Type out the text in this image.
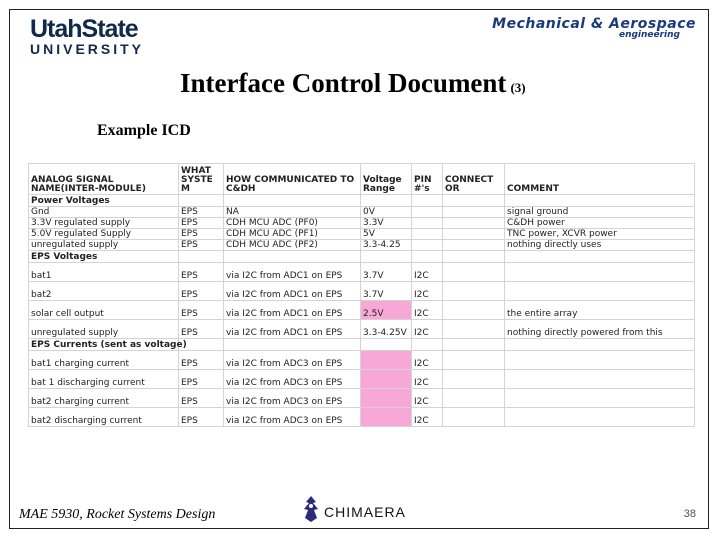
UtahState
UNIVERSITY
Mechanical & Aerospace
engineering
Interface Control Document (3)
Example ICD
ANALOG SIGNAL NAME(INTER-MODULE)	WHAT SYSTE M	HOW COMMUNICATED TO C&DH	Voltage Range	PIN #'s	CONNECT OR	COMMENT
Power Voltages						
Gnd	EPS	NA	0V			signal ground
3.3V regulated supply	EPS	CDH MCU ADC (PF0)	3.3V			C&DH power
5.0V regulated Supply	EPS	CDH MCU ADC (PF1)	5V			TNC power, XCVR power
unregulated supply	EPS	CDH MCU ADC (PF2)	3.3-4.25			nothing directly uses
EPS Voltages						
bat1	EPS	via I2C from ADC1 on EPS	3.7V	I2C		
bat2	EPS	via I2C from ADC1 on EPS	3.7V	I2C		
solar cell output	EPS	via I2C from ADC1 on EPS	2.5V	I2C		the entire array
unregulated supply	EPS	via I2C from ADC1 on EPS	3.3-4.25V	I2C		nothing directly powered from this
EPS Currents (sent as voltage)						
bat1 charging current	EPS	via I2C from ADC3 on EPS		I2C		
bat 1 discharging current	EPS	via I2C from ADC3 on EPS		I2C		
bat2 charging current	EPS	via I2C from ADC3 on EPS		I2C		
bat2 discharging current	EPS	via I2C from ADC3 on EPS		I2C		
MAE 5930, Rocket Systems Design	CHIMAERA	38
